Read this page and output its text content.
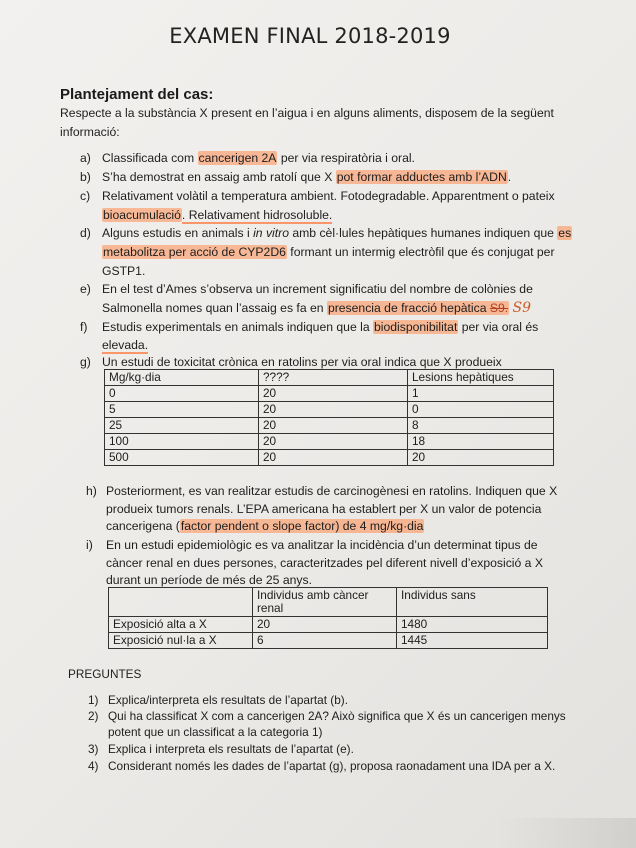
EXAMEN FINAL 2018-2019
Plantejament del cas:
Respecte a la substància X present en l’aigua i en alguns aliments, disposem de la següent
informació:
a) Classificada com cancerigen 2A per via respiratòria i oral.
b) S’ha demostrat en assaig amb ratolí que X pot formar adductes amb l’ADN.
c) Relativament volàtil a temperatura ambient. Fotodegradable. Apparentment o pateix
bioacumulació. Relativament hidrosoluble.
d) Alguns estudis en animals i in vitro amb cèl·lules hepàtiques humanes indiquen que es
metabolitza per acció de CYP2D6 formant un intermig electròfil que és conjugat per
GSTP1.
e) En el test d’Ames s’observa un increment significatiu del nombre de colònies de
Salmonella nomes quan l’assaig es fa en presencia de fracció hepàtica S9. S9
f) Estudis experimentals en animals indiquen que la biodisponibilitat per via oral és
elevada.
g) Un estudi de toxicitat crònica en ratolins per via oral indica que X produeix
Mg/kg·dia	????	Lesions hepàtiques
0	20	1
5	20	0
25	20	8
100	20	18
500	20	20
h) Posteriorment, es van realitzar estudis de carcinogènesi en ratolins. Indiquen que X
produeix tumors renals. L’EPA americana ha establert per X un valor de potencia
cancerigena (factor pendent o slope factor) de 4 mg/kg·dia
i) En un estudi epidemiològic es va analitzar la incidència d’un determinat tipus de
càncer renal en dues persones, caracteritzades pel diferent nivell d’exposició a X
durant un període de més de 25 anys.
	Individus amb càncer renal	Individus sans
Exposició alta a X	20	1480
Exposició nul·la a X	6	1445
PREGUNTES
1) Explica/interpreta els resultats de l’apartat (b).
2) Qui ha classificat X com a cancerigen 2A? Això significa que X és un cancerigen menys
potent que un classificat a la categoria 1)
3) Explica i interpreta els resultats de l’apartat (e).
4) Considerant només les dades de l’apartat (g), proposa raonadament una IDA per a X.
